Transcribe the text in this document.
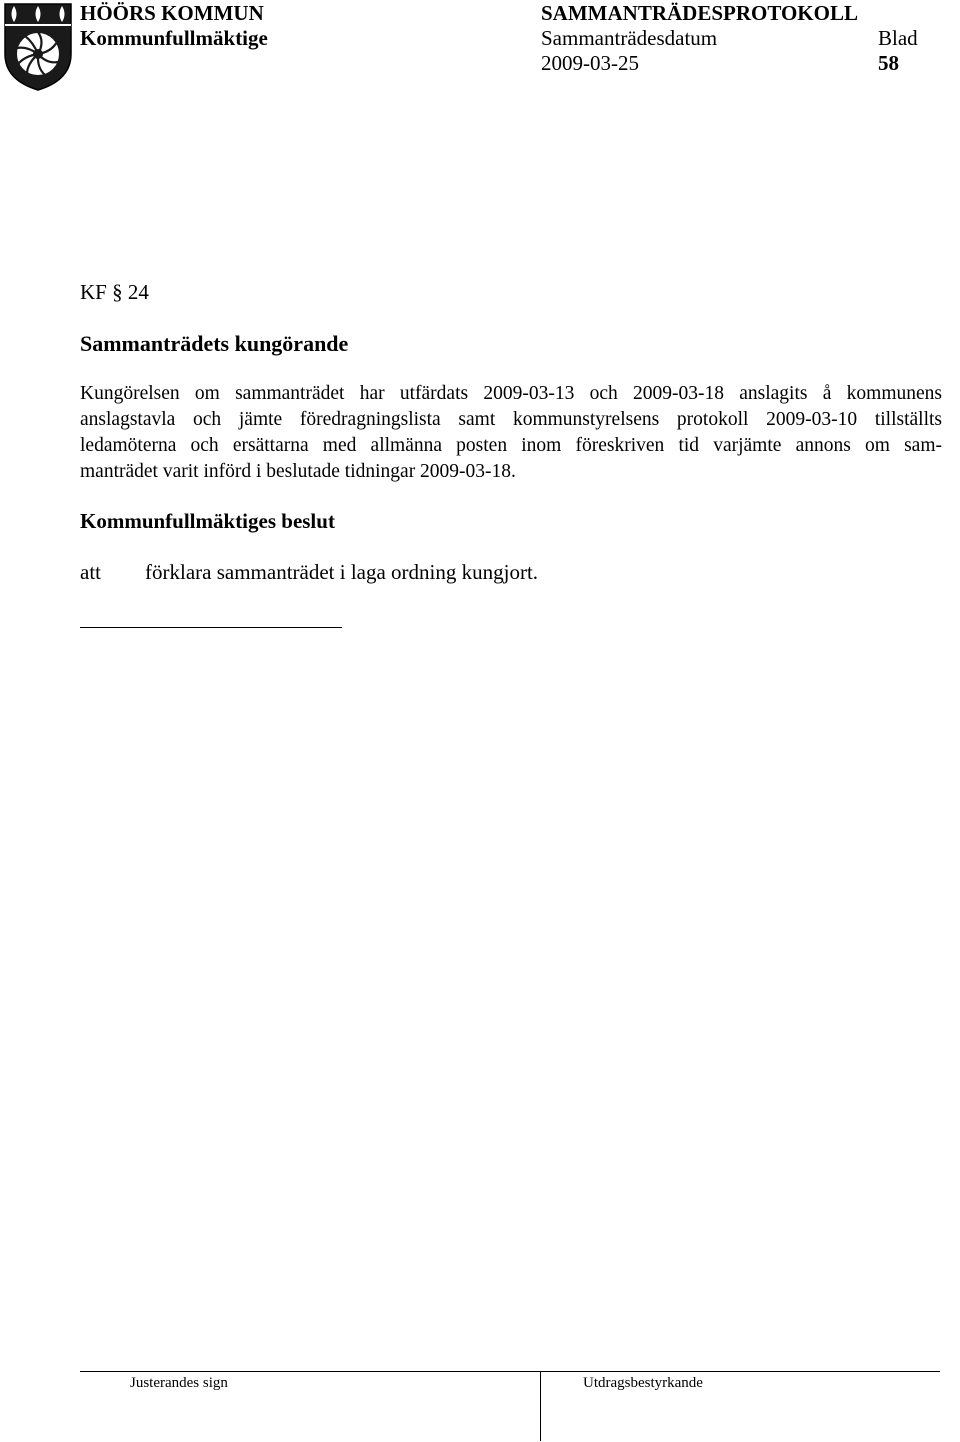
HÖÖRS KOMMUN
Kommunfullmäktige
SAMMANTRÄDESPROTOKOLL
Sammanträdesdatum
2009-03-25
Blad
58
KF § 24
Sammanträdets kungörande
Kungörelsen om sammanträdet har utfärdats 2009-03-13 och 2009-03-18 anslagits å kommunens
anslagstavla och jämte föredragningslista samt kommunstyrelsens protokoll 2009-03-10 tillställts
ledamöterna och ersättarna med allmänna posten inom föreskriven tid varjämte annons om sam-
manträdet varit införd i beslutade tidningar 2009-03-18.
Kommunfullmäktiges beslut
att förklara sammanträdet i laga ordning kungjort.
Justerandes sign	Utdragsbestyrkande
